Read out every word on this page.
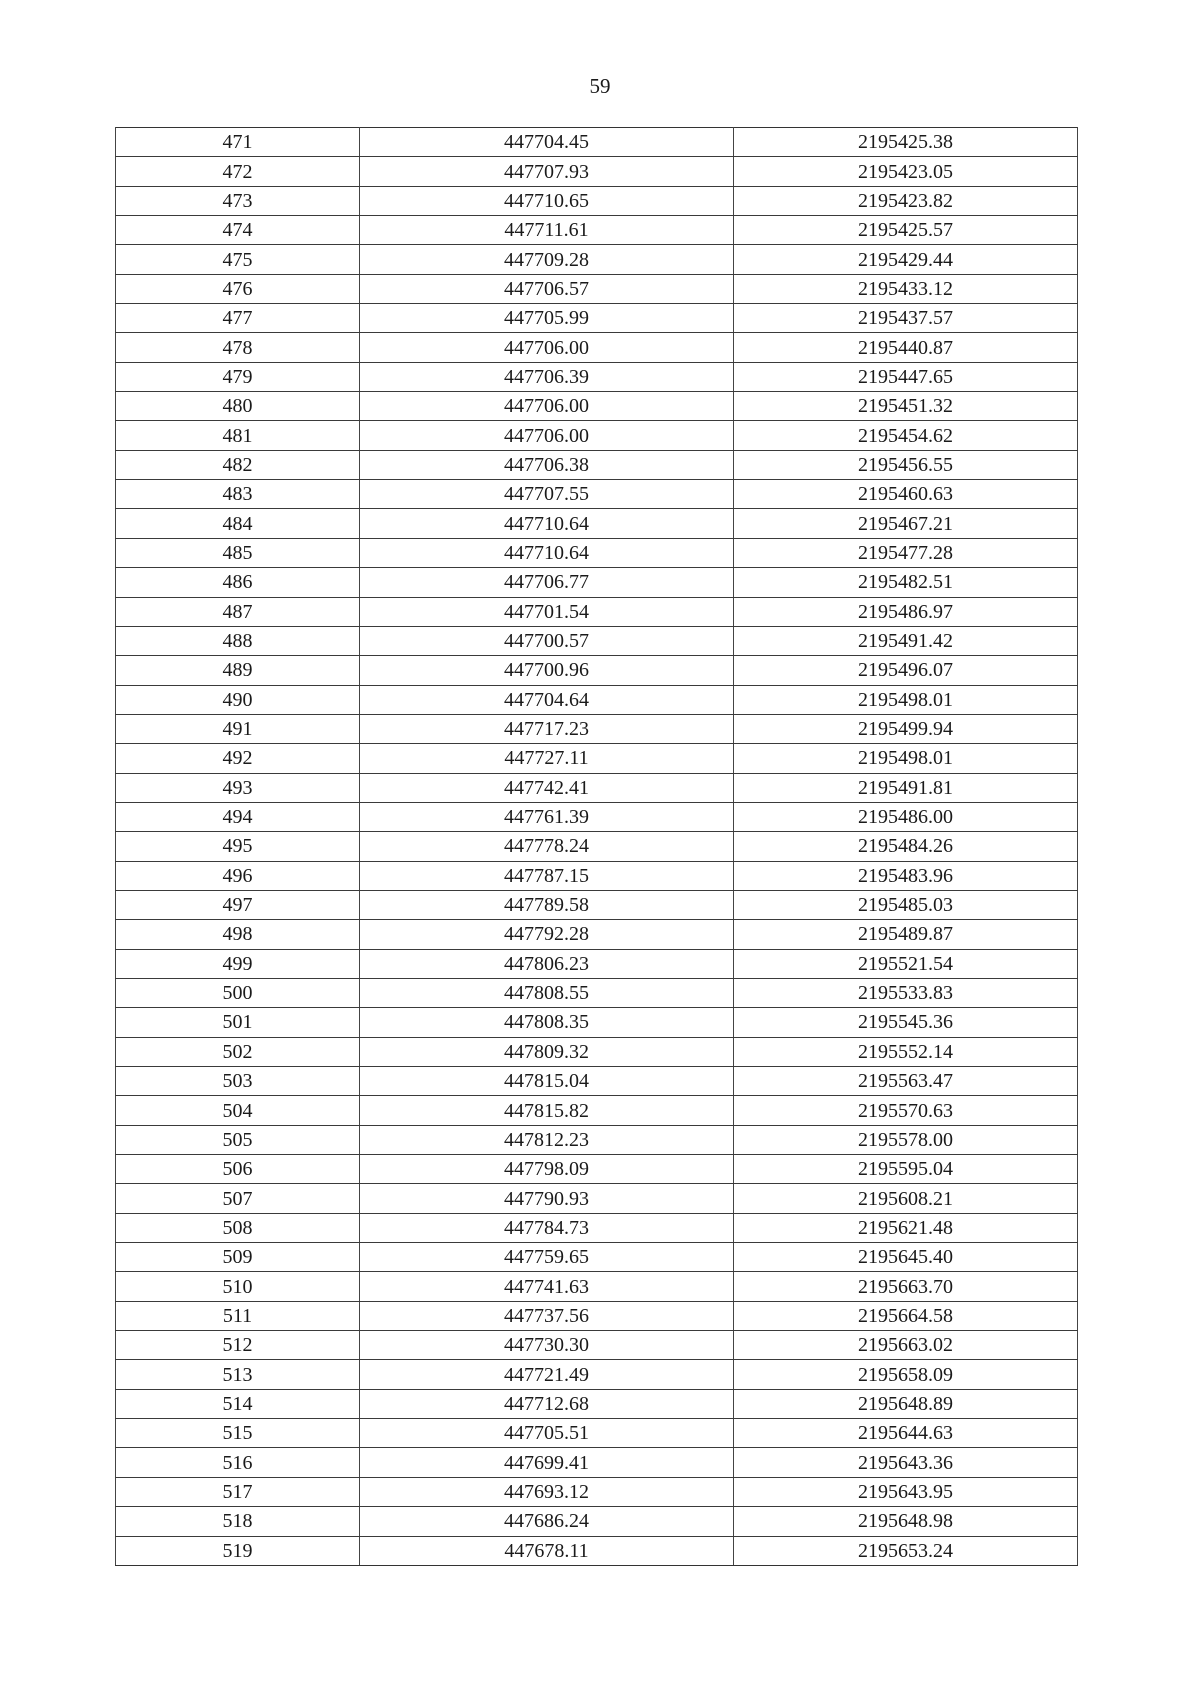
59
471	447704.45	2195425.38
472	447707.93	2195423.05
473	447710.65	2195423.82
474	447711.61	2195425.57
475	447709.28	2195429.44
476	447706.57	2195433.12
477	447705.99	2195437.57
478	447706.00	2195440.87
479	447706.39	2195447.65
480	447706.00	2195451.32
481	447706.00	2195454.62
482	447706.38	2195456.55
483	447707.55	2195460.63
484	447710.64	2195467.21
485	447710.64	2195477.28
486	447706.77	2195482.51
487	447701.54	2195486.97
488	447700.57	2195491.42
489	447700.96	2195496.07
490	447704.64	2195498.01
491	447717.23	2195499.94
492	447727.11	2195498.01
493	447742.41	2195491.81
494	447761.39	2195486.00
495	447778.24	2195484.26
496	447787.15	2195483.96
497	447789.58	2195485.03
498	447792.28	2195489.87
499	447806.23	2195521.54
500	447808.55	2195533.83
501	447808.35	2195545.36
502	447809.32	2195552.14
503	447815.04	2195563.47
504	447815.82	2195570.63
505	447812.23	2195578.00
506	447798.09	2195595.04
507	447790.93	2195608.21
508	447784.73	2195621.48
509	447759.65	2195645.40
510	447741.63	2195663.70
511	447737.56	2195664.58
512	447730.30	2195663.02
513	447721.49	2195658.09
514	447712.68	2195648.89
515	447705.51	2195644.63
516	447699.41	2195643.36
517	447693.12	2195643.95
518	447686.24	2195648.98
519	447678.11	2195653.24
